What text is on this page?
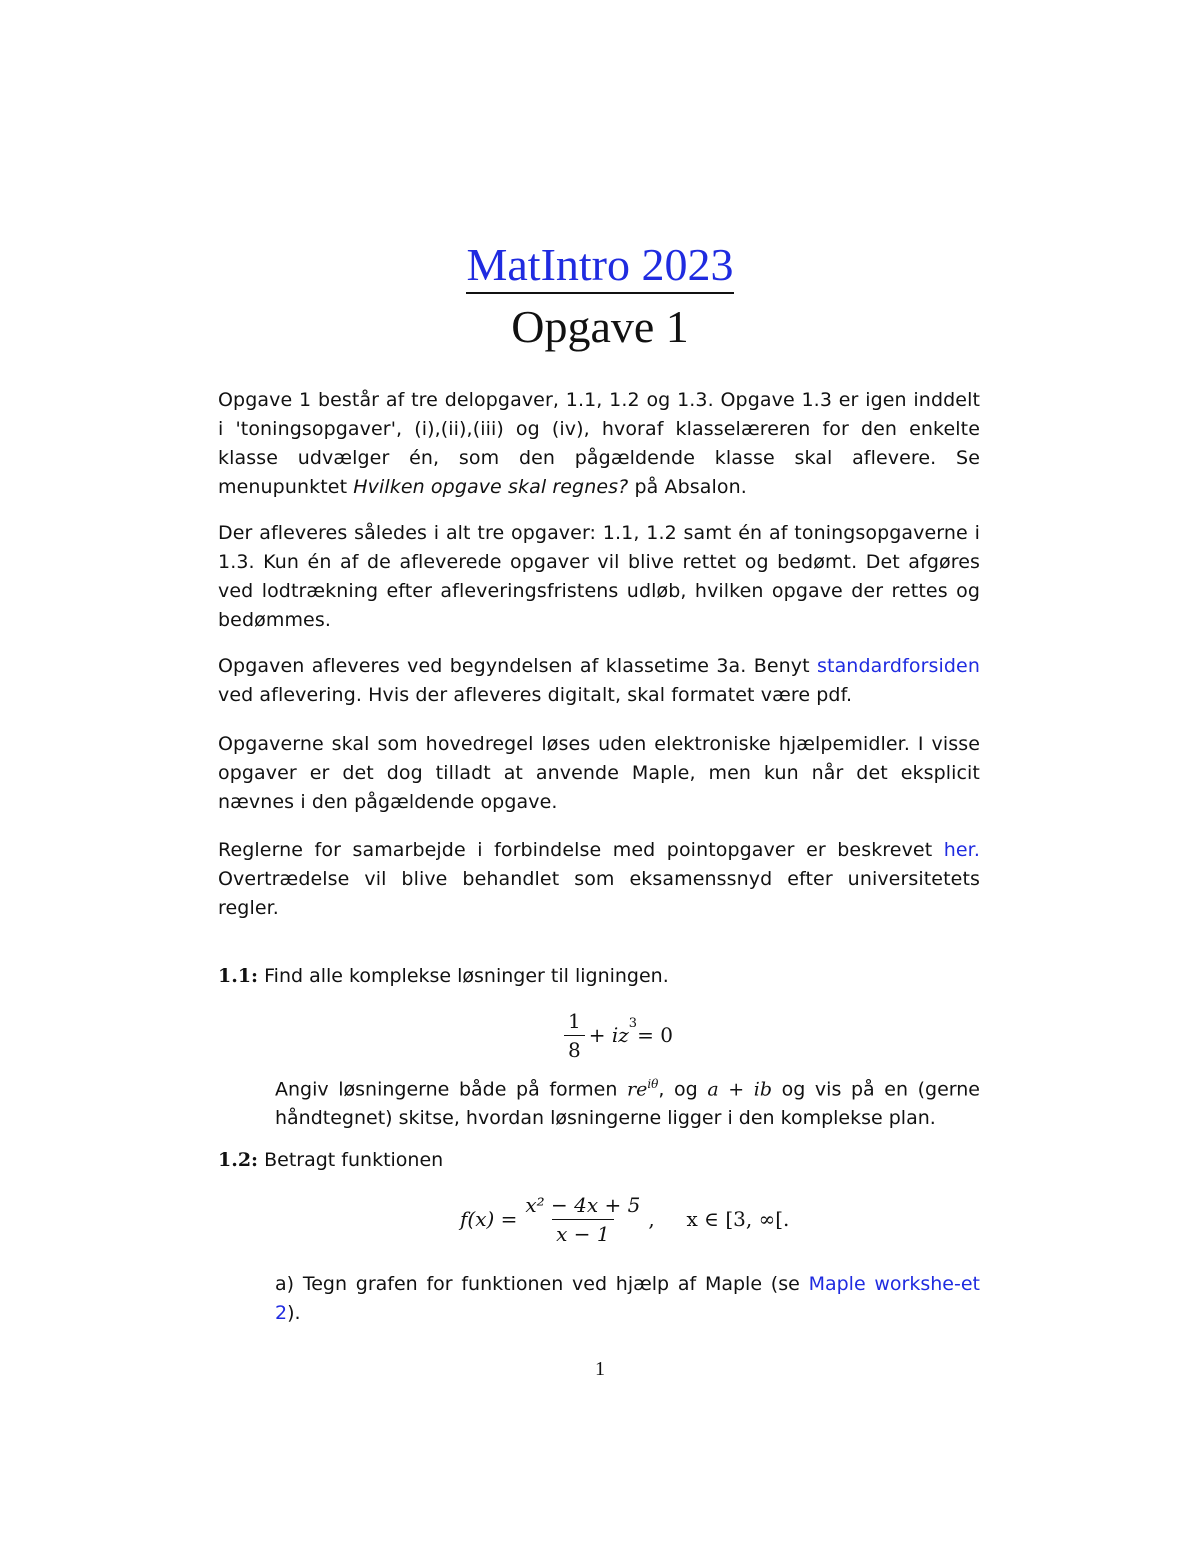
MatIntro 2023
Opgave 1
Opgave 1 består af tre delopgaver, 1.1, 1.2 og 1.3. Opgave 1.3 er igen inddelt i 'toningsopgaver', (i),(ii),(iii) og (iv), hvoraf klasselæreren for den enkelte klasse udvælger én, som den pågældende klasse skal aflevere. Se menupunktet Hvilken opgave skal regnes? på Absalon.
Der afleveres således i alt tre opgaver: 1.1, 1.2 samt én af toningsopgaverne i 1.3. Kun én af de afleverede opgaver vil blive rettet og bedømt. Det afgøres ved lodtrækning efter afleveringsfristens udløb, hvilken opgave der rettes og bedømmes.
Opgaven afleveres ved begyndelsen af klassetime 3a. Benyt standardforsiden ved aflevering. Hvis der afleveres digitalt, skal formatet være pdf.
Opgaverne skal som hovedregel løses uden elektroniske hjælpemidler. I visse opgaver er det dog tilladt at anvende Maple, men kun når det eksplicit nævnes i den pågældende opgave.
Reglerne for samarbejde i forbindelse med pointopgaver er beskrevet her. Overtrædelse vil blive behandlet som eksamenssnyd efter universitetets regler.
1.1: Find alle komplekse løsninger til ligningen.
$\frac{1}{8} + iz^3 = 0$
Angiv løsningerne både på formen $re^{i\theta}$, og a + ib og vis på en (gerne håndtegnet) skitse, hvordan løsningerne ligger i den komplekse plan.
1.2: Betragt funktionen
$f(x) = \frac{\text{x² − 4x + 5}}{x - 1}$ ,     x ∈ [3, ∞[.
a) Tegn grafen for funktionen ved hjælp af Maple (se Maple workshe-et 2).
1
